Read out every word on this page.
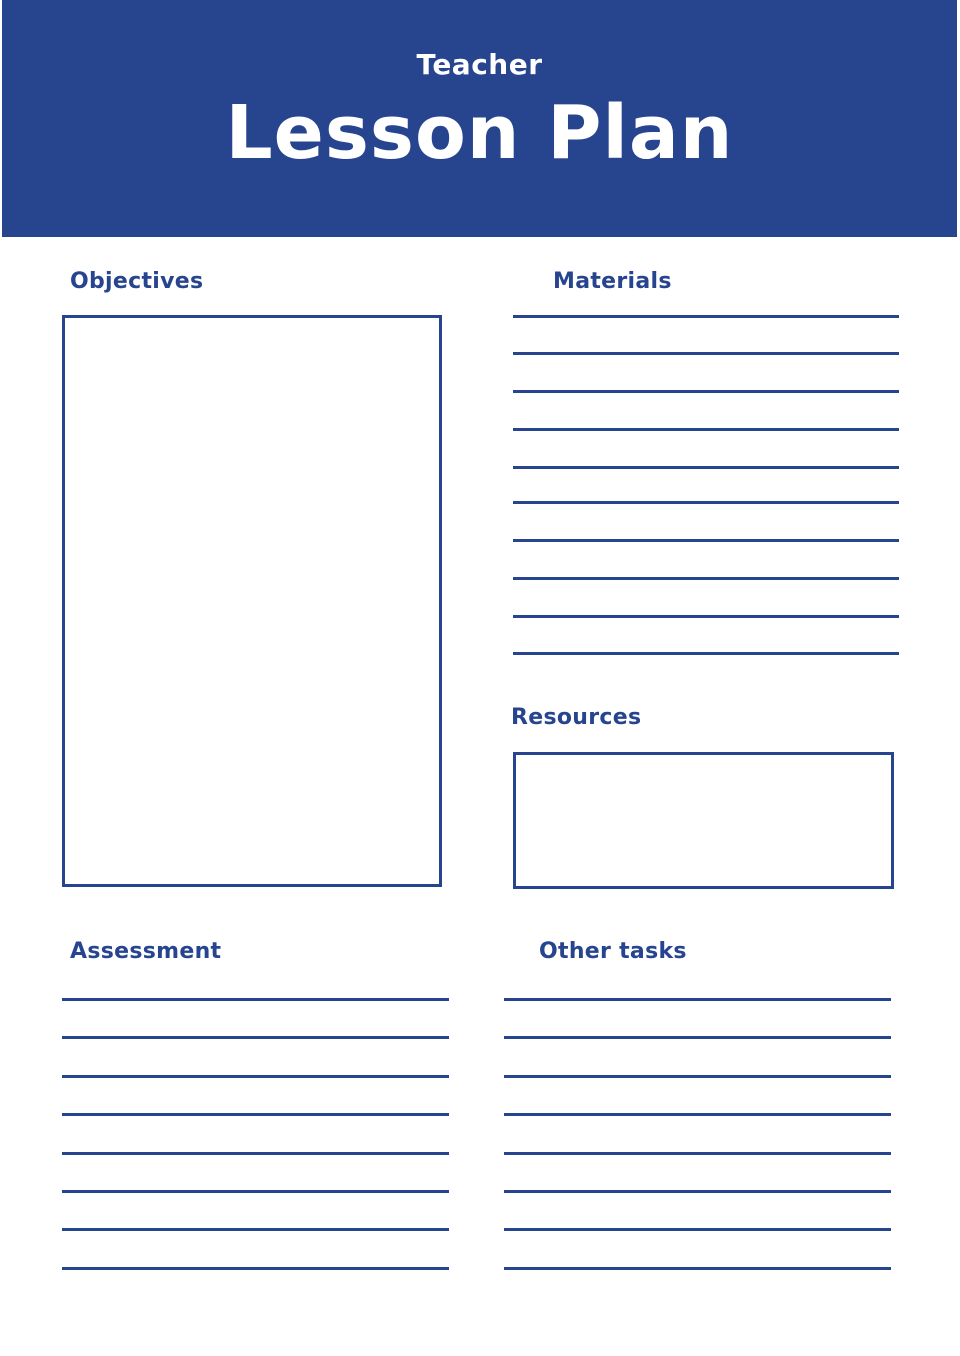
Teacher
Lesson Plan
Objectives	Materials
Resources
Assessment	Other tasks
